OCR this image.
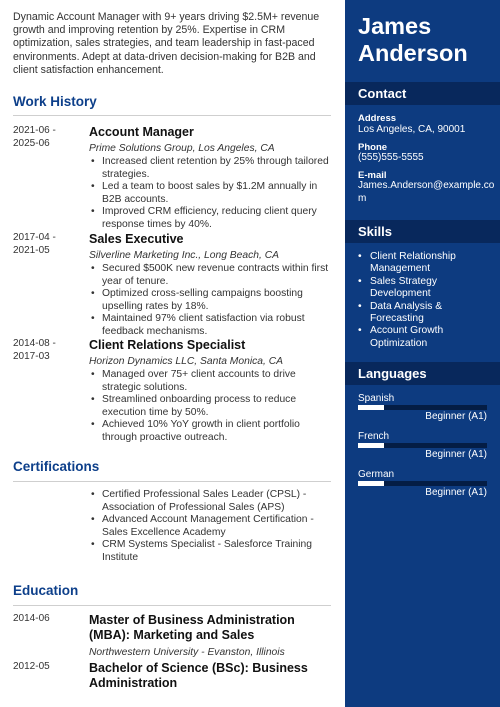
Dynamic Account Manager with 9+ years driving $2.5M+ revenue growth and improving retention by 25%. Expertise in CRM optimization, sales strategies, and team leadership in fast-paced environments. Adept at data-driven decision-making for B2B and client satisfaction enhancement.

Work History
2021-06 -
2025-06
Account Manager
Prime Solutions Group, Los Angeles, CA
• Increased client retention by 25% through tailored strategies.
• Led a team to boost sales by $1.2M annually in B2B accounts.
• Improved CRM efficiency, reducing client query response times by 40%.
2017-04 -
2021-05
Sales Executive
Silverline Marketing Inc., Long Beach, CA
• Secured $500K new revenue contracts within first year of tenure.
• Optimized cross-selling campaigns boosting upselling rates by 18%.
• Maintained 97% client satisfaction via robust feedback mechanisms.
2014-08 -
2017-03
Client Relations Specialist
Horizon Dynamics LLC, Santa Monica, CA
• Managed over 75+ client accounts to drive strategic solutions.
• Streamlined onboarding process to reduce execution time by 50%.
• Achieved 10% YoY growth in client portfolio through proactive outreach.
Certifications
• Certified Professional Sales Leader (CPSL) - Association of Professional Sales (APS)
• Advanced Account Management Certification - Sales Excellence Academy
• CRM Systems Specialist - Salesforce Training Institute
Education
2014-06	Master of Business Administration (MBA): Marketing and Sales
Northwestern University - Evanston, Illinois
2012-05	Bachelor of Science (BSc): Business Administration
James
Anderson
Contact
Address
Los Angeles, CA, 90001
Phone
(555)555-5555
E-mail
James.Anderson@example.com
Skills
• Client Relationship Management
• Sales Strategy Development
• Data Analysis & Forecasting
• Account Growth Optimization
Languages
Spanish
Beginner (A1)
French
Beginner (A1)
German
Beginner (A1)
